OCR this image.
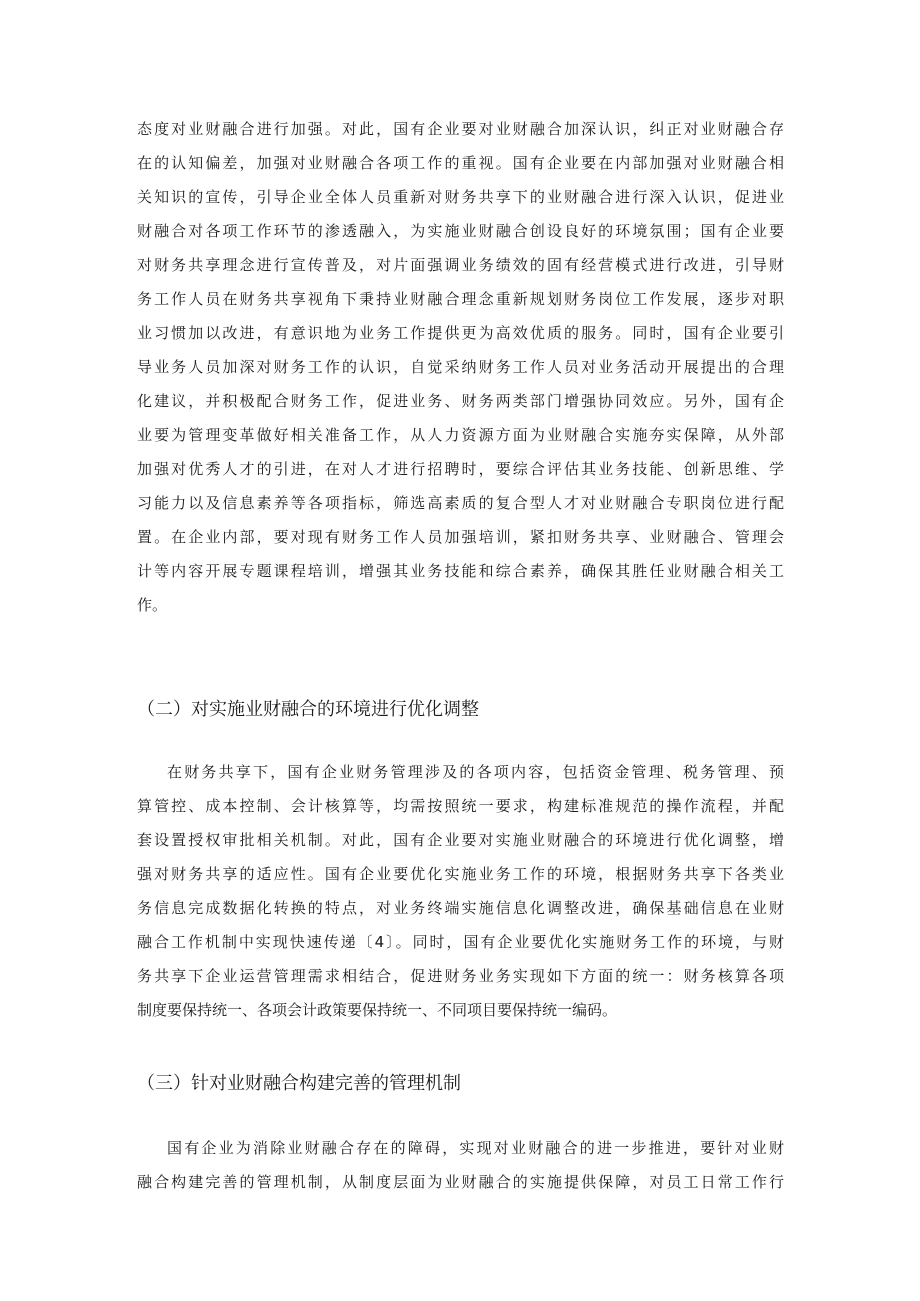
态度对业财融合进行加强。对此，国有企业要对业财融合加深认识，纠正对业财融合存
在的认知偏差，加强对业财融合各项工作的重视。国有企业要在内部加强对业财融合相
关知识的宣传，引导企业全体人员重新对财务共享下的业财融合进行深入认识，促进业
财融合对各项工作环节的渗透融入，为实施业财融合创设良好的环境氛围；国有企业要
对财务共享理念进行宣传普及，对片面强调业务绩效的固有经营模式进行改进，引导财
务工作人员在财务共享视角下秉持业财融合理念重新规划财务岗位工作发展，逐步对职
业习惯加以改进，有意识地为业务工作提供更为高效优质的服务。同时，国有企业要引
导业务人员加深对财务工作的认识，自觉采纳财务工作人员对业务活动开展提出的合理
化建议，并积极配合财务工作，促进业务、财务两类部门增强协同效应。另外，国有企
业要为管理变革做好相关准备工作，从人力资源方面为业财融合实施夯实保障，从外部
加强对优秀人才的引进，在对人才进行招聘时，要综合评估其业务技能、创新思维、学
习能力以及信息素养等各项指标，筛选高素质的复合型人才对业财融合专职岗位进行配
置。在企业内部，要对现有财务工作人员加强培训，紧扣财务共享、业财融合、管理会
计等内容开展专题课程培训，增强其业务技能和综合素养，确保其胜任业财融合相关工
作。
（二）对实施业财融合的环境进行优化调整
在财务共享下，国有企业财务管理涉及的各项内容，包括资金管理、税务管理、预
算管控、成本控制、会计核算等，均需按照统一要求，构建标准规范的操作流程，并配
套设置授权审批相关机制。对此，国有企业要对实施业财融合的环境进行优化调整，增
强对财务共享的适应性。国有企业要优化实施业务工作的环境，根据财务共享下各类业
务信息完成数据化转换的特点，对业务终端实施信息化调整改进，确保基础信息在业财
融合工作机制中实现快速传递〔4〕。同时，国有企业要优化实施财务工作的环境，与财
务共享下企业运营管理需求相结合，促进财务业务实现如下方面的统一：财务核算各项
制度要保持统一、各项会计政策要保持统一、不同项目要保持统一编码。
（三）针对业财融合构建完善的管理机制
国有企业为消除业财融合存在的障碍，实现对业财融合的进一步推进，要针对业财
融合构建完善的管理机制，从制度层面为业财融合的实施提供保障，对员工日常工作行
